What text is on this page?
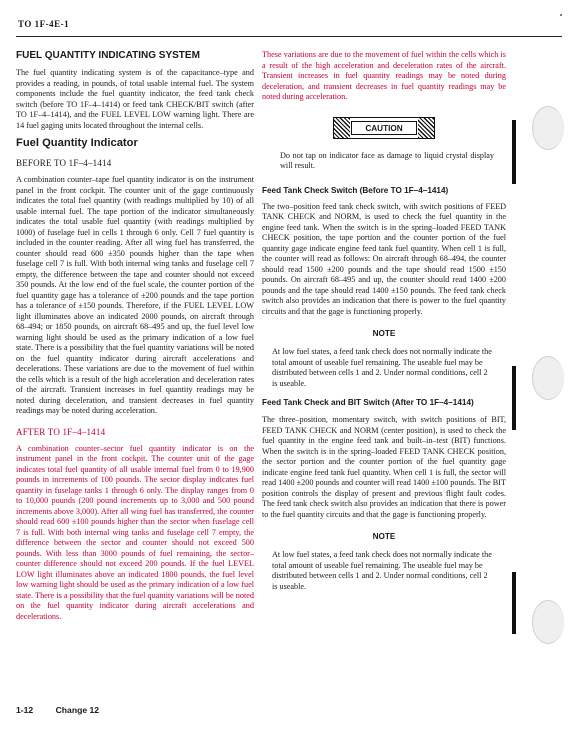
TO 1F-4E-1
FUEL QUANTITY INDICATING SYSTEM

The fuel quantity indicating system is of the capacitance–type and provides a reading, in pounds, of total usable internal fuel. The system components include the fuel quantity indicator, the feed tank check switch (before TO 1F–4–1414) or feed tank CHECK/BIT switch (after TO 1F–4–1414), and the FUEL LEVEL LOW warning light. There are 14 fuel gaging units located throughout the internal cells.

Fuel Quantity Indicator
BEFORE TO 1F–4–1414

A combination counter–tape fuel quantity indicator is on the instrument panel in the front cockpit. The counter unit of the gage continuously indicates the total fuel quantity (with readings multiplied by 10) of all usable internal fuel. The tape portion of the indicator simultaneously indicates the total usable fuel quantity (with readings multiplied by 1000) of fuselage fuel in cells 1 through 6 only. Cell 7 fuel quantity is included in the counter reading. After all wing fuel has transferred, the counter should read 600 ±350 pounds higher than the tape when fuselage cell 7 is full. With both internal wing tanks and fuselage cell 7 empty, the difference between the tape and counter should not exceed 350 pounds. At the low end of the fuel scale, the counter portion of the fuel quantity gage has a tolerance of ±200 pounds and the tape portion has a tolerance of ±150 pounds. Therefore, if the FUEL LEVEL LOW light illuminates above an indicated 2000 pounds, on aircraft through 68–494; or 1850 pounds, on aircraft 68–495 and up, the fuel level low warning light should be used as the primary indication of a low fuel state. There is a possibility that the fuel quantity variations will be noted on the fuel quantity indicator during aircraft accelerations and decelerations. These variations are due to the movement of fuel within the cells which is a result of the high acceleration and deceleration rates of the aircraft. Transient increases in fuel quantity readings may be noted during deceleration, and transient decreases in fuel quantity readings may be noted during acceleration.

AFTER TO 1F–4–1414

A combination counter–sector fuel quantity indicator is on the instrument panel in the front cockpit. The counter unit of the gage indicates total fuel quantity of all usable internal fuel from 0 to 19,900 pounds in increments of 100 pounds. The sector display indicates fuel quantity in fuselage tanks 1 through 6 only. The display ranges from 0 to 10,000 pounds (200 pound increments up to 3,000 and 500 pound increments above 3,000). After all wing fuel has transferred, the counter should read 600 ±100 pounds higher than the sector when fuselage cell 7 is full. With both internal wing tanks and fuselage cell 7 empty, the difference between the sector and counter should not exceed 500 pounds. With less than 3000 pounds of fuel remaining, the sector–counter difference should not exceed 200 pounds. If the fuel LEVEL LOW light illuminates above an indicated 1800 pounds, the fuel level low warning light should be used as the primary indication of a low fuel state. There is a possibility that the fuel quantity variations will be noted on the fuel quantity indicator during aircraft accelerations and decelerations.

These variations are due to the movement of fuel within the cells which is a result of the high acceleration and deceleration rates of the aircraft. Transient increases in fuel quantity readings may be noted during deceleration, and transient decreases in fuel quantity readings may be noted during acceleration.

CAUTION

Do not tap on indicator face as damage to liquid crystal display will result.

Feed Tank Check Switch (Before TO 1F–4–1414)

The two–position feed tank check switch, with switch positions of FEED TANK CHECK and NORM, is used to check the fuel quantity in the engine feed tank. When the switch is in the spring–loaded FEED TANK CHECK position, the tape portion and the counter portion of the fuel quantity gage indicate engine feed tank fuel quantity. When cell 1 is full, the counter will read as follows: On aircraft through 68–494, the counter should read 1500 ±200 pounds and the tape should read 1500 ±150 pounds. On aircraft 68–495 and up, the counter should read 1400 ±200 pounds and the tape should read 1400 ±150 pounds. The feed tank check switch also provides an indication that there is power to the fuel quantity circuits and that the gage is functioning properly.

NOTE

At low fuel states, a feed tank check does not normally indicate the total amount of useable fuel remaining. The useable fuel may be distributed between cells 1 and 2. Under normal conditions, cell 2 is useable.

Feed Tank Check and BIT Switch (After TO 1F–4–1414)

The three–position, momentary switch, with switch positions of BIT, FEED TANK CHECK and NORM (center position), is used to check the fuel quantity in the engine feed tank and built–in–test (BIT) functions. When the switch is in the spring–loaded FEED TANK CHECK position, the sector portion and the counter portion of the fuel quantity gage indicate engine feed tank fuel quantity. When cell 1 is full, the sector will read 1400 ±200 pounds and counter will read 1400 ±100 pounds. The BIT position controls the display of present and previous flight fault codes. The feed tank check switch also provides an indication that there is power to the fuel quantity circuits and that the gage is functioning properly.

NOTE

At low fuel states, a feed tank check does not normally indicate the total amount of useable fuel remaining. The useable fuel may be distributed between cells 1 and 2. Under normal conditions, cell 2 is useable.

1-12	Change 12
